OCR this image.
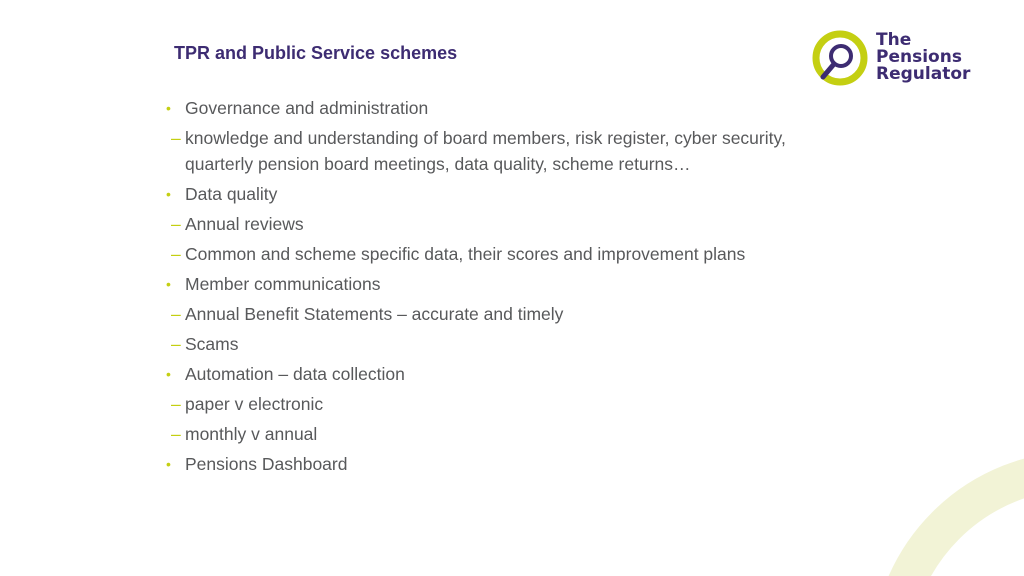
TPR and Public Service schemes
The
Pensions
Regulator
•
Governance and administration
–
knowledge and understanding of board members, risk register, cyber security, quarterly pension board meetings, data quality, scheme returns…
•
Data quality
–
Annual reviews
–
Common and scheme specific data, their scores and improvement plans
•
Member communications
–
Annual Benefit Statements – accurate and timely
–
Scams
•
Automation – data collection
–
paper v electronic
–
monthly v annual
•
Pensions Dashboard
